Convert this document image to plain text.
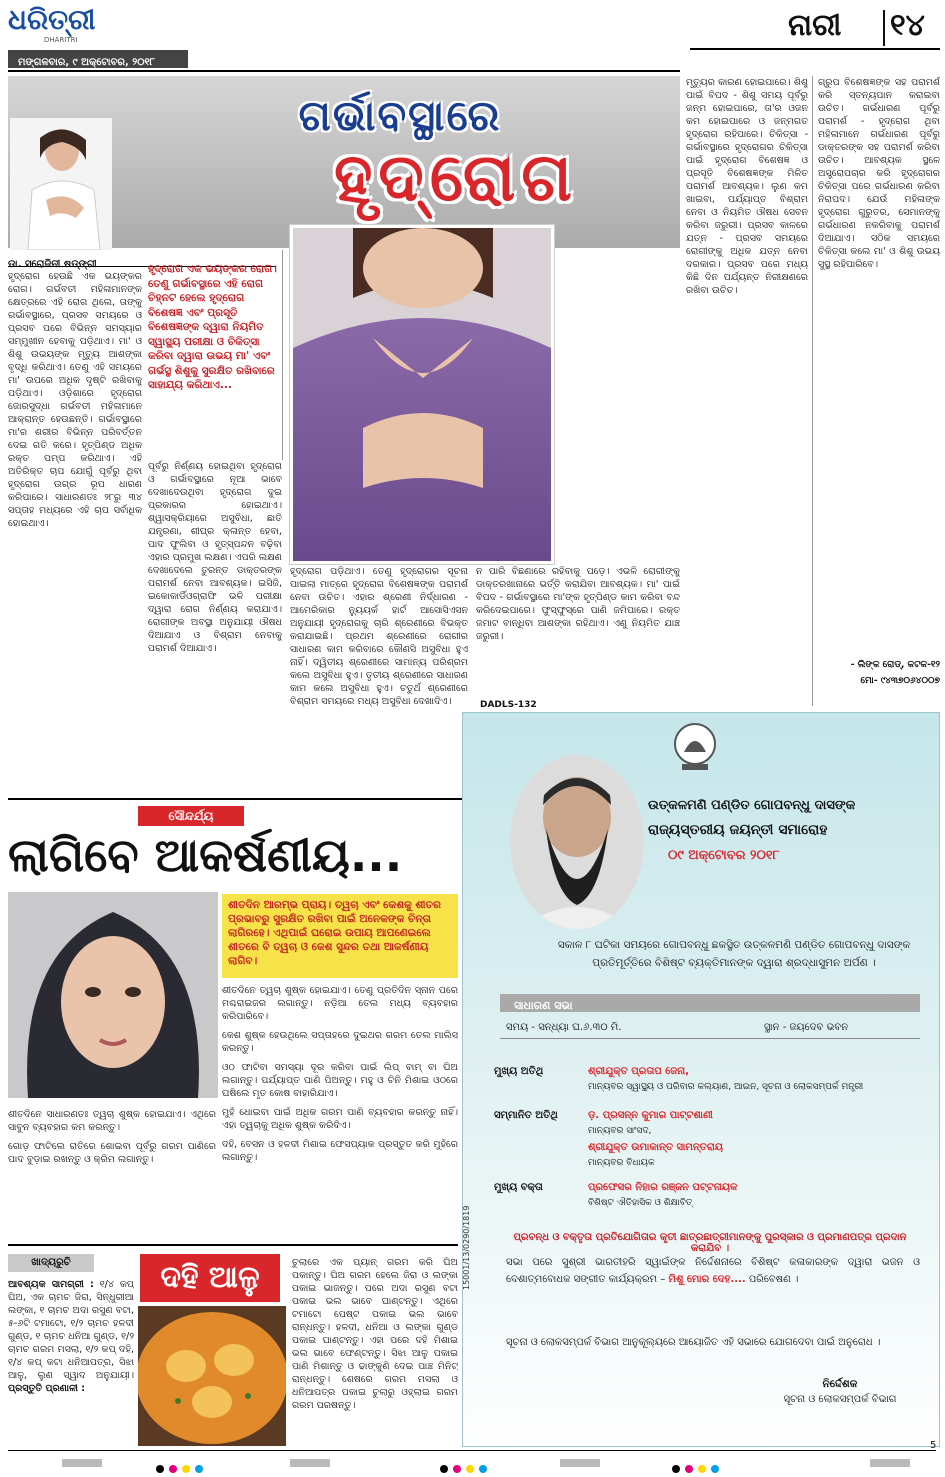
ଧରିତ୍ରୀ
DHARITRI
ମଙ୍ଗଳବାର, ୯ ଅକ୍ଟୋବର, ୨୦୧୮
ନାରୀ ୧୪
ଗର୍ଭାବସ୍ଥାରେ
ହୃଦ୍‌ରୋଗ
ଡା. ସରୋଜିନୀ ଷଡ୍‌ଙ୍ଗୀ	ହୃଦ୍‌ରୋଗ ଏକ ଭୟଙ୍କର ରୋଗ। ତେଣୁ ଗର୍ଭାବସ୍ଥାରେ ଏହି ରୋଗ ଚିହ୍ନଟ ହେଲେ ହୃଦ୍‌ରୋଗ ବିଶେଷଜ୍ଞ ଏବଂ ପ୍ରସୂତି ବିଶେଷଜ୍ଞଙ୍କ ଦ୍ୱାରା ନିୟମିତ ସ୍ୱାସ୍ଥ୍ୟ ପରୀକ୍ଷା ଓ ଚିକିତ୍ସା କରିବା ଦ୍ୱାରା ଉଭୟ ମା' ଏବଂ ଗର୍ଭସ୍ଥ ଶିଶୁକୁ ସୁରକ୍ଷିତ ରଖିବାରେ ସାହାଯ୍ୟ କରିଥାଏ...
ହୃଦ୍‌ରୋଗ ହେଉଛି ଏକ ଭୟଙ୍କର ରୋଗ। ଗର୍ଭବତୀ ମହିଳାମାନଙ୍କ କ୍ଷେତ୍ରରେ ଏହି ରୋଗ ଥିଲେ, ତାଙ୍କୁ ଗର୍ଭାବସ୍ଥାରେ, ପ୍ରସବ ସମୟରେ ଓ ପ୍ରସବ ପରେ ବିଭିନ୍ନ ସମସ୍ୟାର ସମ୍ମୁଖୀନ ହେବାକୁ ପଡ଼ିଥାଏ। ମା' ଓ ଶିଶୁ ଉଭୟଙ୍କ ମୃତ୍ୟୁ ଆଶଙ୍କା ବୃଦ୍ଧି କରିଥାଏ। ତେଣୁ ଏହି ସମୟରେ ମା' ଉପରେ ଅଧିକ ଦୃଷ୍ଟି ରଖିବାକୁ ପଡ଼ିଥାଏ। ଓଡ଼ିଶାରେ ହୃଦ୍‌ରୋଗ ଜୋରସୁଦ୍ଧା ଗର୍ଭବତୀ ମହିଳାମାନେ ଆକ୍ରାନ୍ତ ହେଉଛନ୍ତି। ଗର୍ଭାବସ୍ଥାରେ ମା'ର ଶରୀର ବିଭିନ୍ନ ପରିବର୍ତ୍ତନ ଦେଇ ଗତି କରେ। ହୃତ୍‌ପିଣ୍ଡ ଅଧିକ ରକ୍ତ ପମ୍ପ କରିଥାଏ। ଏହି ଅତିରିକ୍ତ ଚାପ ଯୋଗୁଁ ପୂର୍ବରୁ ଥିବା ହୃଦ୍‌ରୋଗ ଉଗ୍ର ରୂପ ଧାରଣ କରିପାରେ। ସାଧାରଣତଃ ୨୮ରୁ ୩୪ ସପ୍ତାହ ମଧ୍ୟରେ ଏହି ଚାପ ସର୍ବାଧିକ ହୋଇଥାଏ।
ପୂର୍ବରୁ ନିର୍ଣ୍ଣୟ ହୋଇଥିବା ହୃଦ୍‌ରୋଗ ଓ ଗର୍ଭାବସ୍ଥାରେ ନୂଆ ଭାବେ ଦେଖାଦେଉଥିବା ହୃଦ୍‌ରୋଗ ଦୁଇ ପ୍ରକାରର ହୋଇଥାଏ। ଶ୍ୱାସକ୍ରିୟାରେ ଅସୁବିଧା, ଛାତି ଯନ୍ତ୍ରଣା, ଶୀଘ୍ର କ୍ଳାନ୍ତ ହେବା, ପାଦ ଫୁଲିବା ଓ ହୃତ୍‌ସ୍ପନ୍ଦନ ବଢ଼ିବା ଏହାର ପ୍ରମୁଖ ଲକ୍ଷଣ। ଏପରି ଲକ୍ଷଣ ଦେଖାଦେଲେ ତୁରନ୍ତ ଡାକ୍ତରଙ୍କ ପରାମର୍ଶ ନେବା ଆବଶ୍ୟକ। ଇସିଜି, ଇକୋକାର୍ଡିଓଗ୍ରାଫି ଭଳି ପରୀକ୍ଷା ଦ୍ୱାରା ରୋଗ ନିର୍ଣ୍ଣୟ କରାଯାଏ। ରୋଗୀଙ୍କ ଅବସ୍ଥା ଅନୁଯାୟୀ ଔଷଧ ଦିଆଯାଏ ଓ ବିଶ୍ରାମ ନେବାକୁ ପରାମର୍ଶ ଦିଆଯାଏ।
ହୃଦ୍‌ରୋଗ ପଡ଼ିଥାଏ। ତେଣୁ ହୃଦ୍‌ରୋଗର ସୂଚନା ପାଇଲା ମାତ୍ରେ ହୃଦ୍‌ରୋଗ ବିଶେଷଜ୍ଞଙ୍କ ପରାମର୍ଶ ନେବା ଉଚିତ। ଏହାର ଶ୍ରେଣୀ ନିର୍ଦ୍ଧାରଣ - ଆମେରିକାର ନ୍ୟୁୟର୍କ ହାର୍ଟ ଆସୋସିଏସନ ଅନୁଯାୟୀ ହୃଦ୍‌ରୋଗକୁ ଚାରି ଶ୍ରେଣୀରେ ବିଭକ୍ତ କରାଯାଇଛି। ପ୍ରଥମ ଶ୍ରେଣୀରେ ରୋଗୀର ସାଧାରଣ କାମ କରିବାରେ କୌଣସି ଅସୁବିଧା ହୁଏ ନାହିଁ। ଦ୍ୱିତୀୟ ଶ୍ରେଣୀରେ ସାମାନ୍ୟ ପରିଶ୍ରମ କଲେ ଅସୁବିଧା ହୁଏ। ତୃତୀୟ ଶ୍ରେଣୀରେ ସାଧାରଣ କାମ କଲେ ଅସୁବିଧା ହୁଏ। ଚତୁର୍ଥ ଶ୍ରେଣୀରେ ବିଶ୍ରାମ ସମୟରେ ମଧ୍ୟ ଅସୁବିଧା ଦେଖାଦିଏ।
ନ ପାରି ବିଛଣାରେ ରହିବାକୁ ପଡ଼େ। ଏଭଳି ରୋଗୀଙ୍କୁ ଡାକ୍ତରଖାନାରେ ଭର୍ତ୍ତି କରାଯିବା ଆବଶ୍ୟକ। ମା' ପାଇଁ ବିପଦ - ଗର୍ଭାବସ୍ଥାରେ ମା'ଙ୍କ ହୃତ୍‌ପିଣ୍ଡ କାମ କରିବା ବନ୍ଦ କରିଦେଇପାରେ। ଫୁସ୍‌ଫୁସ୍‌ରେ ପାଣି ଜମିପାରେ। ରକ୍ତ ଜମାଟ ବାନ୍ଧିବା ଆଶଙ୍କା ରହିଥାଏ। ଏଣୁ ନିୟମିତ ଯାଞ୍ଚ ଜରୁରୀ।
ମୃତ୍ୟୁର କାରଣ ହୋଇପାରେ। ଶିଶୁ ପାଇଁ ବିପଦ - ଶିଶୁ ସମୟ ପୂର୍ବରୁ ଜନ୍ମ ହୋଇପାରେ, ତା'ର ଓଜନ କମ ହୋଇପାରେ ଓ ଜନ୍ମଗତ ହୃଦ୍‌ରୋଗ ରହିପାରେ। ଚିକିତ୍ସା - ଗର୍ଭାବସ୍ଥାରେ ହୃଦ୍‌ରୋଗର ଚିକିତ୍ସା ପାଇଁ ହୃଦ୍‌ରୋଗ ବିଶେଷଜ୍ଞ ଓ ପ୍ରସୂତି ବିଶେଷଜ୍ଞଙ୍କ ମିଳିତ ପରାମର୍ଶ ଆବଶ୍ୟକ। ଲୁଣ କମ ଖାଇବା, ପର୍ଯ୍ୟାପ୍ତ ବିଶ୍ରାମ ନେବା ଓ ନିୟମିତ ଔଷଧ ସେବନ କରିବା ଜରୁରୀ। ପ୍ରସବ କାଳରେ ଯତ୍ନ - ପ୍ରସବ ସମୟରେ ରୋଗୀଙ୍କୁ ଅଧିକ ଯତ୍ନ ନେବା ଦରକାର। ପ୍ରସବ ପରେ ମଧ୍ୟ କିଛି ଦିନ ପର୍ଯ୍ୟନ୍ତ ନିରୀକ୍ଷଣରେ ରଖିବା ଉଚିତ।
ଗ୍ରୁପ ବିଶେଷଜ୍ଞଙ୍କ ସହ ପରାମର୍ଶ କରି ସ୍ତନ୍ୟପାନ କରାଇବା ଉଚିତ। ଗର୍ଭଧାରଣ ପୂର୍ବରୁ ପରାମର୍ଶ - ହୃଦ୍‌ରୋଗ ଥିବା ମହିଳାମାନେ ଗର୍ଭଧାରଣ ପୂର୍ବରୁ ଡାକ୍ତରଙ୍କ ସହ ପରାମର୍ଶ କରିବା ଉଚିତ। ଆବଶ୍ୟକ ସ୍ଥଳେ ଅସ୍ତ୍ରୋପଚାର କରି ହୃଦ୍‌ରୋଗର ଚିକିତ୍ସା ପରେ ଗର୍ଭଧାରଣ କରିବା ନିରାପଦ। ଯେଉଁ ମହିଳାଙ୍କ ହୃଦ୍‌ରୋଗ ଗୁରୁତର, ସେମାନଙ୍କୁ ଗର୍ଭଧାରଣ ନକରିବାକୁ ପରାମର୍ଶ ଦିଆଯାଏ। ସଠିକ ସମୟରେ ଚିକିତ୍ସା କଲେ ମା' ଓ ଶିଶୁ ଉଭୟ ସୁସ୍ଥ ରହିପାରିବେ।
- ଲିଙ୍କ ରୋଡ୍, କଟକ-୧୨
ମୋ- ୯୪୩୭୦୬୪୦୦୭
ସୌନ୍ଦର୍ଯ୍ୟ
ଲାଗିବେ ଆକର୍ଷଣୀୟ...
ଶୀତଦିନ ଆରମ୍ଭ ପ୍ରାୟ। ତ୍ୱଚା ଏବଂ କେଶକୁ ଶୀତର ପ୍ରଭାବରୁ ସୁରକ୍ଷିତ ରଖିବା ପାଇଁ ଅନେକଙ୍କ ଚିନ୍ତା ଲାଗିରହେ। ଏଥିପାଇଁ ଘରୋଇ ଉପାୟ ଆପଣେଇଲେ ଶୀତରେ ବି ତ୍ୱଚା ଓ କେଶ ସୁନ୍ଦର ତଥା ଆକର୍ଷଣୀୟ ଲାଗିବ।

ଶୀତଦିନେ ତ୍ୱଚା ଶୁଷ୍କ ହୋଇଯାଏ। ତେଣୁ ପ୍ରତିଦିନ ସ୍ନାନ ପରେ ମଶ୍ଚରାଇଜର ଲଗାନ୍ତୁ। ନଡ଼ିଆ ତେଲ ମଧ୍ୟ ବ୍ୟବହାର କରିପାରିବେ।

କେଶ ଶୁଷ୍କ ହେଉଥିଲେ ସପ୍ତାହରେ ଦୁଇଥର ଗରମ ତେଲ ମାଲିସ କରନ୍ତୁ।

ଓଠ ଫାଟିବା ସମସ୍ୟା ଦୂର କରିବା ପାଇଁ ଲିପ୍ ବାମ୍ ବା ଘିଅ ଲଗାନ୍ତୁ। ପର୍ଯ୍ୟାପ୍ତ ପାଣି ପିଅନ୍ତୁ। ମହୁ ଓ ଚିନି ମିଶାଇ ଓଠରେ ଘଷିଲେ ମୃତ କୋଷ ବାହାରିଯାଏ।

ମୁହଁ ଧୋଇବା ପାଇଁ ଅଧିକ ଗରମ ପାଣି ବ୍ୟବହାର କରନ୍ତୁ ନାହିଁ। ଏହା ତ୍ୱଚାକୁ ଅଧିକ ଶୁଷ୍କ କରିଦିଏ।

ଦହି, ବେସନ ଓ ହଳଦୀ ମିଶାଇ ଫେସପ୍ୟାକ ପ୍ରସ୍ତୁତ କରି ମୁହଁରେ ଲଗାନ୍ତୁ।

ଶୀତଦିନେ ସାଧାରଣତଃ ତ୍ୱଚା ଶୁଷ୍କ ହୋଇଯାଏ। ଏଥିରେ ସାବୁନ ବ୍ୟବହାର କମ କରନ୍ତୁ।

ଗୋଡ଼ ଫାଟିଲେ ରାତିରେ ଶୋଇବା ପୂର୍ବରୁ ଗରମ ପାଣିରେ ପାଦ ବୁଡ଼ାଇ ରଖନ୍ତୁ ଓ କ୍ରିମ ଲଗାନ୍ତୁ।

ଖାଦ୍ୟରୁଚି	ଦହି ଆଳୁ
ଆବଶ୍ୟକ ସାମଗ୍ରୀ : ୧/୪ କପ୍ ଘିଅ, ଏକ ଚାମଚ ଜିରା, ସିନ୍ଧୁରୀଆ ଲଙ୍କା, ୧ ଚାମଚ ଅଦା ରସୁଣ ବଟା, ୫-୬ଟି ଟମାଟୋ, ୧/୨ ଚାମଚ ହଳଦୀ ଗୁଣ୍ଡ, ୧ ଚାମଚ ଧନିଆ ଗୁଣ୍ଡ, ୧/୨ ଚାମଚ ଗରମ ମସଲା, ୧/୨ କପ୍ ଦହି, ୧/୪ କପ୍ କଟା ଧନିଆପତ୍ର, ସିଝା ଆଳୁ, ଲୁଣ ସ୍ୱାଦ ଅନୁଯାୟୀ। ପ୍ରସ୍ତୁତି ପ୍ରଣାଳୀ :
ଚୁଲାରେ ଏକ ପ୍ୟାନ୍ ଗରମ କରି ଘିଅ ପକାନ୍ତୁ। ଘିଅ ଗରମ ହେଲେ ଜିରା ଓ ଲଙ୍କା ପକାଇ ଭାଜନ୍ତୁ। ପରେ ଅଦା ରସୁଣ ବଟା ପକାଇ ଭଲ ଭାବେ ଘାଣ୍ଟନ୍ତୁ। ଏଥିରେ ଟମାଟୋ ପେଷ୍ଟ ପକାଇ ଭଲ ଭାବେ ରାନ୍ଧନ୍ତୁ। ହଳଦୀ, ଧନିଆ ଓ ଲଙ୍କା ଗୁଣ୍ଡ ପକାଇ ଘାଣ୍ଟନ୍ତୁ। ଏହା ପରେ ଦହି ମିଶାଇ ଭଲ ଭାବେ ଫେଣ୍ଟନ୍ତୁ। ସିଝା ଆଳୁ ପକାଇ ପାଣି ମିଶାନ୍ତୁ ଓ ଢାଙ୍କୁଣି ଦେଇ ପାଞ୍ଚ ମିନିଟ୍ ରାନ୍ଧନ୍ତୁ। ଶେଷରେ ଗରମ ମସଲା ଓ ଧନିଆପତ୍ର ପକାଇ ଚୁଲାରୁ ଓହ୍ଲାଇ ଗରମ ଗରମ ପରଷନ୍ତୁ।
DADLS-132
15001/13/0290/1819
ଉତ୍କଳମଣି ପଣ୍ଡିତ ଗୋପବନ୍ଧୁ ଦାସଙ୍କ
ରାଜ୍ୟସ୍ତରୀୟ ଜୟନ୍ତୀ ସମାରୋହ
୦୯ ଅକ୍ଟୋବର ୨୦୧୮
ସକାଳ ୮ ଘଟିକା ସମୟରେ ଗୋପବନ୍ଧୁ ଛକସ୍ଥିତ ଉତ୍କଳମଣି ପଣ୍ଡିତ ଗୋପବନ୍ଧୁ ଦାସଙ୍କ ପ୍ରତିମୂର୍ତ୍ତିରେ ବିଶିଷ୍ଟ ବ୍ୟକ୍ତିମାନଙ୍କ ଦ୍ୱାରା ଶ୍ରଦ୍ଧାସୁମନ ଅର୍ପଣ ।
ସାଧାରଣ ସଭା
ସମୟ - ସନ୍ଧ୍ୟା ଘ.୬.୩୦ ମି.	ସ୍ଥାନ - ଜୟଦେବ ଭବନ
ମୁଖ୍ୟ ଅତିଥି	ଶ୍ରୀଯୁକ୍ତ ପ୍ରତାପ ଜେନା,
ମାନ୍ୟବର ସ୍ୱାସ୍ଥ୍ୟ ଓ ପରିବାର କଲ୍ୟାଣ, ଆଇନ, ସୂଚନା ଓ ଲୋକସମ୍ପର୍କ ମନ୍ତ୍ରୀ
ସମ୍ମାନିତ ଅତିଥି	ଡ଼. ପ୍ରସନ୍ନ କୁମାର ପାଟ୍ଟଶାଣୀ
ମାନ୍ୟବର ସାଂସଦ,
ଶ୍ରୀଯୁକ୍ତ ଉମାକାନ୍ତ ସାମନ୍ତରାୟ
ମାନ୍ୟବର ବିଧାୟକ
ମୁଖ୍ୟ ବକ୍ତା	ପ୍ରଫେସର ନିହାର ରଞ୍ଜନ ପଟ୍ଟନାୟକ
ବିଶିଷ୍ଟ ଐତିହାସିକ ଓ ଶିକ୍ଷାବିତ୍
ପ୍ରବନ୍ଧ ଓ ବକ୍ତୃତା ପ୍ରତିଯୋଗିତାର କୃତୀ ଛାତ୍ରଛାତ୍ରୀମାନଙ୍କୁ ପୁରସ୍କାର ଓ ପ୍ରମାଣପତ୍ର ପ୍ରଦାନ କରାଯିବ ।
ସଭା ପରେ ସୁଶ୍ରୀ ଭାରତୀହରି ସ୍ୱାଇଁଙ୍କ ନିର୍ଦ୍ଦେଶନାରେ ବିଶିଷ୍ଟ କଳାକାରଙ୍କ ଦ୍ୱାରା ଭଜନ ଓ ଦେଶାତ୍ମବୋଧକ ସଙ୍ଗୀତ କାର୍ଯ୍ୟକ୍ରମ – ମିଶୁ ମୋର ଦେହ.... ପରିବେଷଣ ।
ସୂଚନା ଓ ଲୋକସମ୍ପର୍କ ବିଭାଗ ଆନୁକୂଲ୍ୟରେ ଆୟୋଜିତ ଏହି ସଭାରେ ଯୋଗଦେବା ପାଇଁ ଅନୁରୋଧ ।
ନିର୍ଦ୍ଦେଶକ
ସୂଚନା ଓ ଲୋକସମ୍ପର୍କ ବିଭାଗ
5
